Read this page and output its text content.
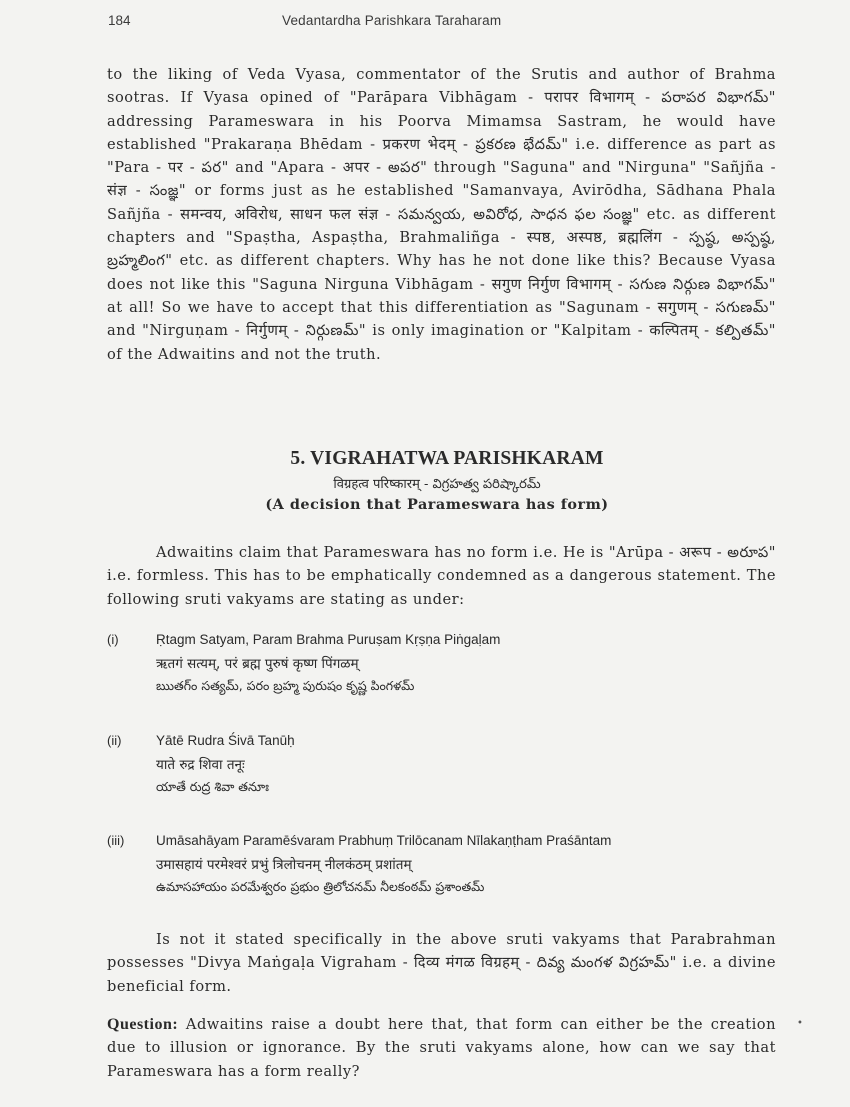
184	Vedantardha Parishkara Taraharam
to the liking of Veda Vyasa, commentator of the Srutis and author of Brahma sootras. If Vyasa opined of "Parāpara Vibhāgam - परापर विभागम् - పరాపర విభాగమ్" addressing Parameswara in his Poorva Mimamsa Sastram, he would have established "Prakaraṇa Bhēdam - प्रकरण भेदम् - ప్రకరణ భేదమ్" i.e. difference as part as "Para - पर - పర" and "Apara - अपर - అపర" through "Saguna" and "Nirguna" "Sañjña - संज्ञ - సంజ్ఞ" or forms just as he established "Samanvaya, Avirōdha, Sādhana Phala Sañjña - समन्वय, अविरोध, साधन फल संज्ञ - సమన్వయ, అవిరోధ, సాధన ఫల సంజ్ఞ" etc. as different chapters and "Spaṣtha, Aspaṣtha, Brahmaliñga - स्पष्ठ, अस्पष्ठ, ब्रह्मलिंग - స్పష్ఠ, అస్పష్ఠ, బ్రహ్మలింగ" etc. as different chapters. Why has he not done like this? Because Vyasa does not like this "Saguna Nirguna Vibhāgam - सगुण निर्गुण विभागम् - సగుణ నిర్గుణ విభాగమ్" at all! So we have to accept that this differentiation as "Sagunam - सगुणम् - సగుణమ్" and "Nirguṇam - निर्गुणम् - నిర్గుణమ్" is only imagination or "Kalpitam - कल्पितम् - కల్పితమ్" of the Adwaitins and not the truth.
5. VIGRAHATWA PARISHKARAM
विग्रहत्व परिष्कारम् - విగ్రహత్వ పరిష్కారమ్
(A decision that Parameswara has form)
Adwaitins claim that Parameswara has no form i.e. He is "Arūpa - अरूप - అరూప" i.e. formless. This has to be emphatically condemned as a dangerous statement. The following sruti vakyams are stating as under:
(i)	Ṛtagm Satyam, Param Brahma Puruṣam Kṛṣṇa Piṅgaḷam
ऋतगं सत्यम्, परं ब्रह्म पुरुषं कृष्ण पिंगळम्
ఋతగ్ం సత్యమ్, పరం బ్రహ్మ పురుషం కృష్ణ పింగళమ్
(ii)	Yātē Rudra Śivā Tanūḥ
याते रुद्र शिवा तनूः
యాతే రుద్ర శివా తనూః
(iii) Umāsahāyam Paramēśvaram Prabhuṃ Trilōcanam Nīlakaṇṭham Praśāntam
उमासहायं परमेश्वरं प्रभुं त्रिलोचनम् नीलकंठम् प्रशांतम्
ఉమాసహాయం పరమేశ్వరం ప్రభుం త్రిలోచనమ్ నీలకంఠమ్ ప్రశాంతమ్
Is not it stated specifically in the above sruti vakyams that Parabrahman possesses "Divya Maṅgaḷa Vigraham - दिव्य मंगळ विग्रहम् - దివ్య మంగళ విగ్రహమ్" i.e. a divine beneficial form.
Question: Adwaitins raise a doubt here that, that form can either be the creation due to illusion or ignorance. By the sruti vakyams alone, how can we say that Parameswara has a form really?
•
